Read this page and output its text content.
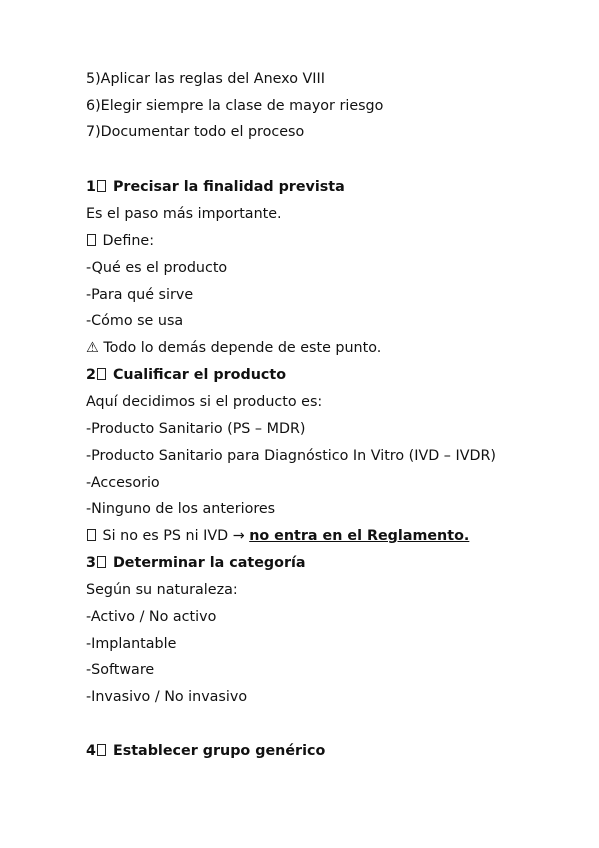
5)Aplicar las reglas del Anexo VIII
6)Elegir siempre la clase de mayor riesgo
7)Documentar todo el proceso
1 Precisar la finalidad prevista
Es el paso más importante.
Define:
-Qué es el producto
-Para qué sirve
-Cómo se usa
⚠ Todo lo demás depende de este punto.
2 Cualificar el producto
Aquí decidimos si el producto es:
-Producto Sanitario (PS – MDR)
-Producto Sanitario para Diagnóstico In Vitro (IVD – IVDR)
-Accesorio
-Ninguno de los anteriores
Si no es PS ni IVD → no entra en el Reglamento.
3 Determinar la categoría
Según su naturaleza:
-Activo / No activo
-Implantable
-Software
-Invasivo / No invasivo
4 Establecer grupo genérico
